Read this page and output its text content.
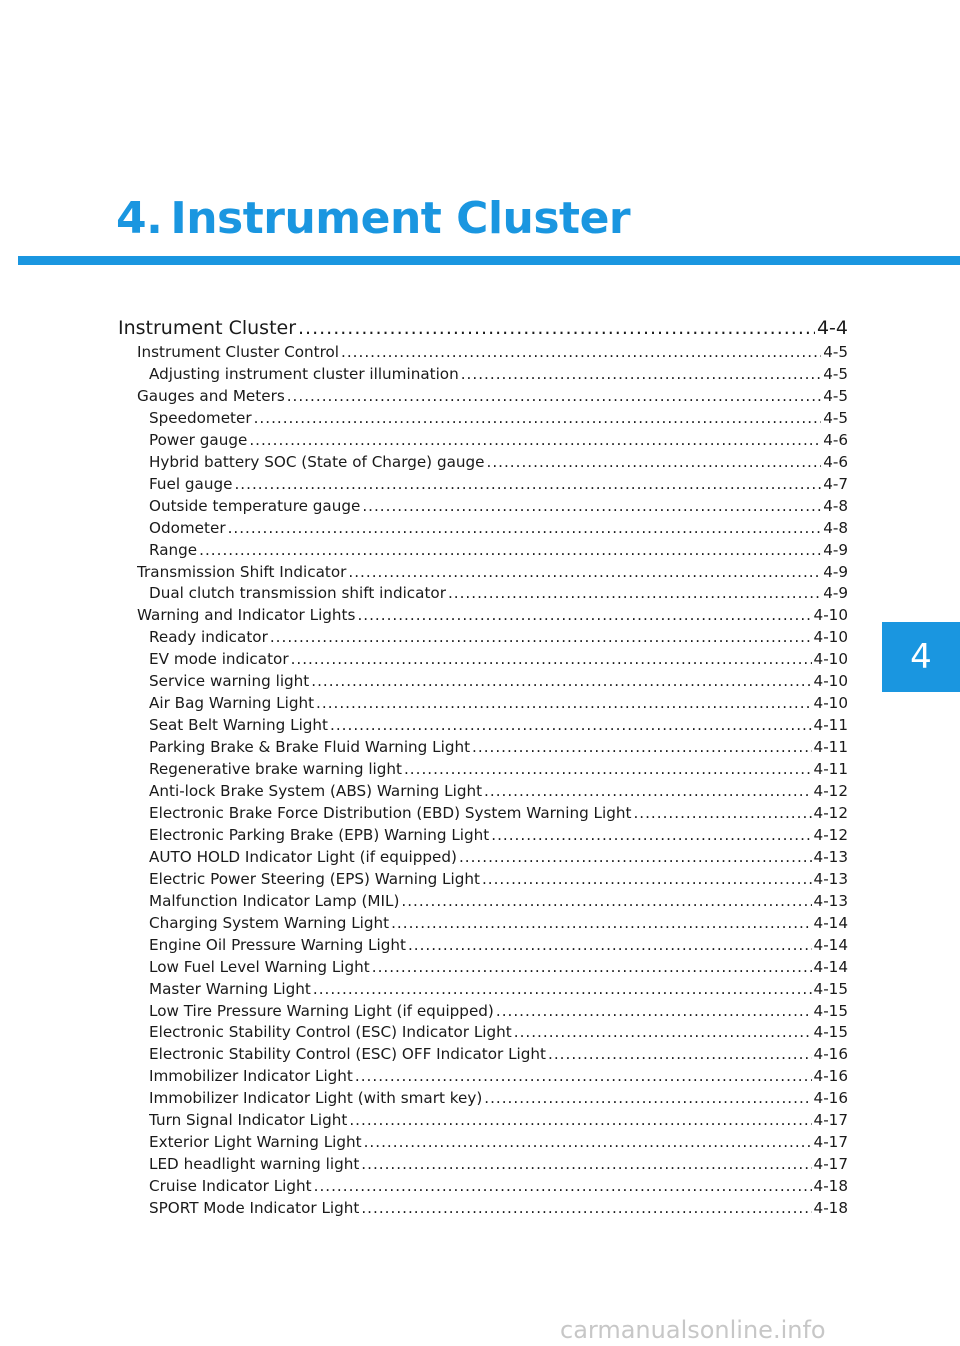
4. Instrument Cluster
4
Instrument Cluster .....	4-4
Instrument Cluster Control .....	4-5
Adjusting instrument cluster illumination .....	4-5
Gauges and Meters .....	4-5
Speedometer .....	4-5
Power gauge .....	4-6
Hybrid battery SOC (State of Charge) gauge .....	4-6
Fuel gauge .....	4-7
Outside temperature gauge .....	4-8
Odometer .....	4-8
Range .....	4-9
Transmission Shift Indicator .....	4-9
Dual clutch transmission shift indicator .....	4-9
Warning and Indicator Lights .....	4-10
Ready indicator .....	4-10
EV mode indicator .....	4-10
Service warning light .....	4-10
Air Bag Warning Light .....	4-10
Seat Belt Warning Light .....	4-11
Parking Brake & Brake Fluid Warning Light .....	4-11
Regenerative brake warning light .....	4-11
Anti-lock Brake System (ABS) Warning Light .....	4-12
Electronic Brake Force Distribution (EBD) System Warning Light .....	4-12
Electronic Parking Brake (EPB) Warning Light .....	4-12
AUTO HOLD Indicator Light (if equipped) .....	4-13
Electric Power Steering (EPS) Warning Light .....	4-13
Malfunction Indicator Lamp (MIL) .....	4-13
Charging System Warning Light .....	4-14
Engine Oil Pressure Warning Light .....	4-14
Low Fuel Level Warning Light .....	4-14
Master Warning Light .....	4-15
Low Tire Pressure Warning Light (if equipped) .....	4-15
Electronic Stability Control (ESC) Indicator Light .....	4-15
Electronic Stability Control (ESC) OFF Indicator Light .....	4-16
Immobilizer Indicator Light .....	4-16
Immobilizer Indicator Light (with smart key) .....	4-16
Turn Signal Indicator Light .....	4-17
Exterior Light Warning Light .....	4-17
LED headlight warning light .....	4-17
Cruise Indicator Light .....	4-18
SPORT Mode Indicator Light .....	4-18
carmanualsonline.info
